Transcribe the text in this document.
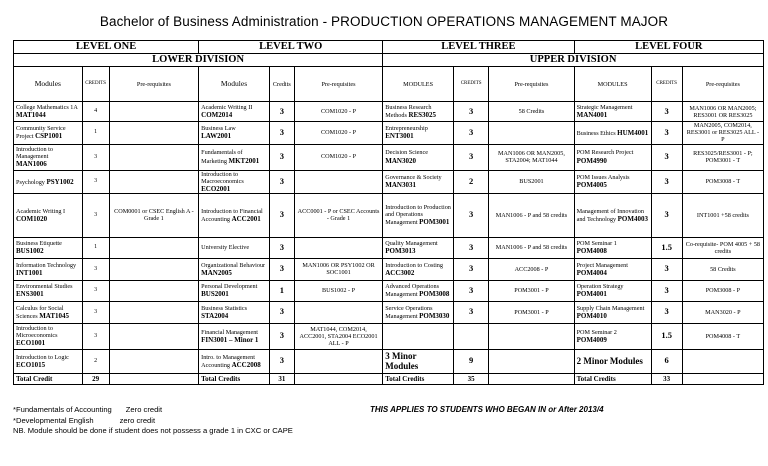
Bachelor of Business Administration - PRODUCTION OPERATIONS MANAGEMENT MAJOR
LEVEL ONE			LEVEL TWO			LEVEL THREE			LEVEL FOUR		
LOWER DIVISION						UPPER DIVISION					
Modules	CREDITS	Pre-requisites	Modules	Credits	Pre-requisites	MODULES	CREDITS	Pre-requisites	MODULES	CREDITS	Pre-requisites
College Mathematics 1A MAT1044	4		Academic Writing II COM2014	3	COM1020 - P	Business Research Methods RES3025	3	58 Credits	Strategic Management MAN4001	3	MAN1006 OR MAN2005; RES3001 OR RES3025
Community Service Project CSP1001	1		Business Law LAW2001	3	COM1020 - P	Entrepreneurship ENT3001	3		Business Ethics HUM4001	3	MAN2005, COM2014, RES3001 or RES3025 ALL - P
Introduction to Management MAN1006	3		Fundamentals of Marketing MKT2001	3	COM1020 - P	Decision Science MAN3020	3	MAN1006 OR MAN2005, STA2004; MAT1044	POM Research Project POM4990	3	RES3025/RES3001 - P; POM3001 - T
Psychology PSY1002	3		Introduction to Macroeconomics ECO2001	3		Governance & Society MAN3031	2	BUS2001	POM Issues Analysis POM4005	3	POM3008 - T
Academic Writing I COM1020	3	COM0001 or CSEC English A - Grade 1	Introduction to Financial Accounting ACC2001	3	ACC0001 - P or CSEC Accounts - Grade 1	Introduction to Production and Operations Management POM3001	3	MAN1006 - P and 58 credits	Management of Innovation and Technology POM4003	3	INT1001 +58 credits
Business Etiquette BUS1002	1		University Elective	3		Quality Management POM3013	3	MAN1006 - P and 58 credits	POM Seminar 1 POM4008	1.5	Co-requisite- POM 4005 + 58 credits
Information Technology INT1001	3		Organizational Behaviour MAN2005	3	MAN1006 OR PSY1002 OR SOC1001	Introduction to Costing ACC3002	3	ACC2008 - P	Project Management POM4004	3	58 Credits
Environmental Studies ENS3001	3		Personal Development BUS2001	1	BUS1002 - P	Advanced Operations Management POM3008	3	POM3001 - P	Operation Strategy POM4001	3	POM3008 - P
Calculus for Social Sciences MAT1045	3		Business Statistics STA2004	3		Service Operations Management POM3030	3	POM3001 - P	Supply Chain Management POM4010	3	MAN3020 - P
Introduction to Microeconomics ECO1001	3		Financial Management FIN3001 – Minor 1	3	MAT1044, COM2014, ACC2001, STA2004 ECO2001 ALL - P				POM Seminar 2 POM4009	1.5	POM4008 - T
Introduction to Logic ECO1015	2		Intro. to Management Accounting ACC2008	3		3 Minor Modules	9		2 Minor Modules	6	
Total Credit	29		Total Credits	31		Total Credits	35		Total Credits	33	
*Fundamentals of Accounting Zero credit
*Developmental English	zero credit
NB. Module should be done if student does not possess a grade 1 in CXC or CAPE
THIS APPLIES TO STUDENTS WHO BEGAN IN or After 2013/4
